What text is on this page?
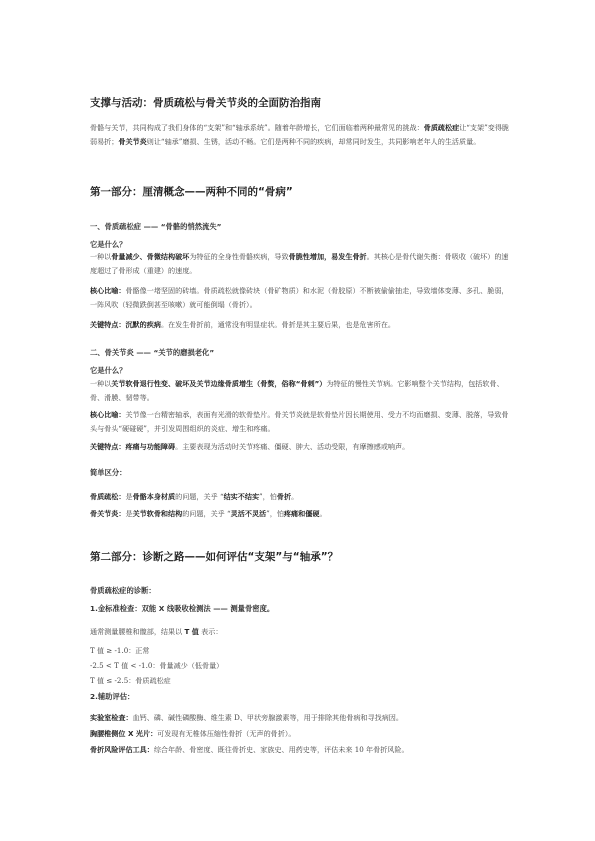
支撑与活动：骨质疏松与骨关节炎的全面防治指南
骨骼与关节，共同构成了我们身体的“支架”和“轴承系统”。随着年龄增长，它们面临着两种最常见的挑战：骨质疏松症让“支架”变得脆弱易折；骨关节炎则让“轴承”磨损、生锈，活动不畅。它们是两种不同的疾病，却常同时发生，共同影响老年人的生活质量。
第一部分：厘清概念——两种不同的“骨病”
一、骨质疏松症 —— “骨骼的悄然流失”
它是什么？
一种以骨量减少、骨微结构破坏为特征的全身性骨骼疾病，导致骨脆性增加，易发生骨折。其核心是骨代谢失衡：骨吸收（破坏）的速度超过了骨形成（重建）的速度。
核心比喻：骨骼像一堵坚固的砖墙。骨质疏松就像砖块（骨矿物质）和水泥（骨胶原）不断被偷偷抽走，导致墙体变薄、多孔、脆弱，一阵风吹（轻微跌倒甚至咳嗽）就可能倒塌（骨折）。
关键特点：沉默的疾病。在发生骨折前，通常没有明显症状。骨折是其主要后果，也是危害所在。
二、骨关节炎 —— “关节的磨损老化”
它是什么？
一种以关节软骨退行性变、破坏及关节边缘骨质增生（骨赘，俗称“骨刺”）为特征的慢性关节病。它影响整个关节结构，包括软骨、骨、滑膜、韧带等。
核心比喻：关节像一台精密轴承，表面有光滑的软骨垫片。骨关节炎就是软骨垫片因长期使用、受力不均而磨损、变薄、脱落，导致骨头与骨头“硬碰硬”，并引发周围组织的炎症、增生和疼痛。
关键特点：疼痛与功能障碍。主要表现为活动时关节疼痛、僵硬、肿大、活动受限，有摩擦感或响声。
简单区分：
骨质疏松：是骨骼本身材质的问题，关乎 “结实不结实”，怕骨折。
骨关节炎：是关节软骨和结构的问题，关乎 “灵活不灵活”，怕疼痛和僵硬。
第二部分：诊断之路——如何评估“支架”与“轴承”？
骨质疏松症的诊断：
1.金标准检查：双能 X 线吸收检测法 —— 测量骨密度。
通常测量腰椎和髋部，结果以 T 值 表示：
T 值 ≥ -1.0：正常
-2.5 < T 值 < -1.0：骨量减少（低骨量）
T 值 ≤ -2.5：骨质疏松症
2.辅助评估：
实验室检查：血钙、磷、碱性磷酸酶、维生素 D、甲状旁腺激素等，用于排除其他骨病和寻找病因。
胸腰椎侧位 X 光片：可发现有无椎体压缩性骨折（无声的骨折）。
骨折风险评估工具：综合年龄、骨密度、既往骨折史、家族史、用药史等，评估未来 10 年骨折风险。
